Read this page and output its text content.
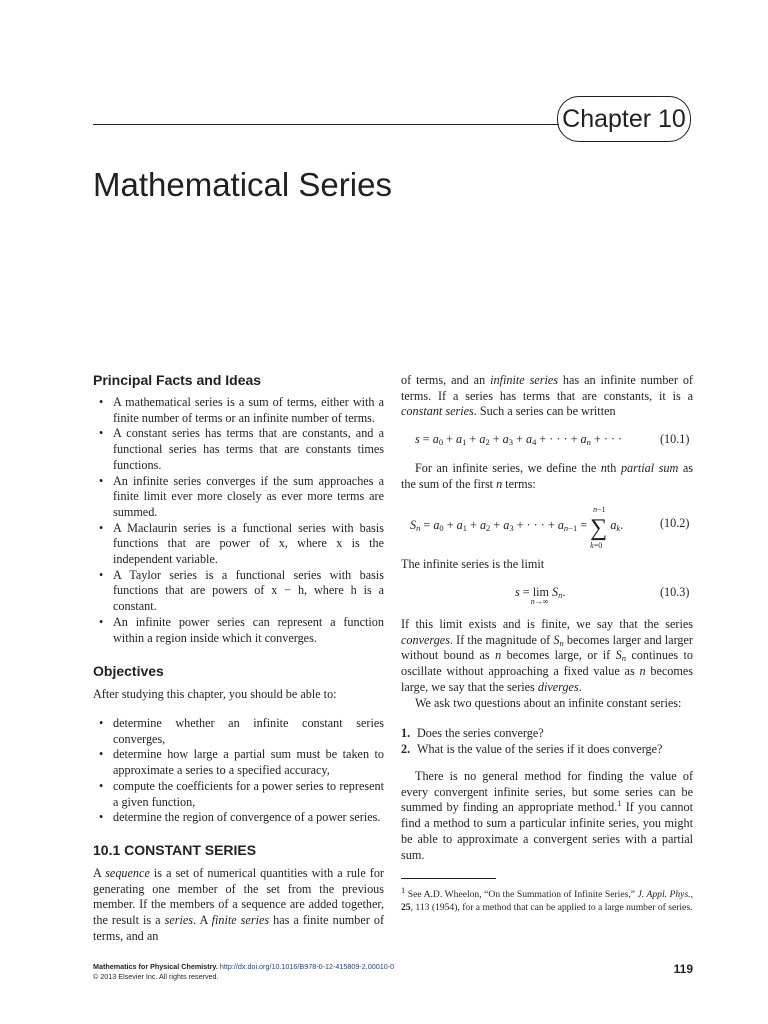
Chapter 10
Mathematical Series
Principal Facts and Ideas
• A mathematical series is a sum of terms, either with a finite number of terms or an infinite number of terms.
• A constant series has terms that are constants, and a functional series has terms that are constants times functions.
• An infinite series converges if the sum approaches a finite limit ever more closely as ever more terms are summed.
• A Maclaurin series is a functional series with basis functions that are power of x, where x is the independent variable.
• A Taylor series is a functional series with basis functions that are powers of x − h, where h is a constant.
• An infinite power series can represent a function within a region inside which it converges.
Objectives

After studying this chapter, you should be able to:

• determine whether an infinite constant series converges,
• determine how large a partial sum must be taken to approximate a series to a specified accuracy,
• compute the coefficients for a power series to represent a given function,
• determine the region of convergence of a power series.
10.1 CONSTANT SERIES

A sequence is a set of numerical quantities with a rule for generating one member of the set from the previous member. If the members of a sequence are added together, the result is a series. A finite series has a finite number of terms, and an

of terms, and an infinite series has an infinite number of terms. If a series has terms that are constants, it is a constant series. Such a series can be written

$s = a_0 + a_1 + a_2 + a_3 + a_4$ + · · · + $a_n$ + · · ·	(10.1)

For an infinite series, we define the nth partial sum as the sum of the first n terms:

$S_n = a_0 + a_1 + a_2 + a_3$ + · · · + $a_{n-1}$ = ∑
n−1
k=0
$a_k$.	(10.2)

The infinite series is the limit

s = lim
n→∞
$S_n$.	(10.3)

If this limit exists and is finite, we say that the series converges. If the magnitude of $S_n$ becomes larger and larger without bound as n becomes large, or if $S_n$ continues to oscillate without approaching a fixed value as n becomes large, we say that the series diverges.

We ask two questions about an infinite constant series:

1. Does the series converge?
2. What is the value of the series if it does converge?

There is no general method for finding the value of every convergent infinite series, but some series can be summed by finding an appropriate method.$^1$ If you cannot find a method to sum a particular infinite series, you might be able to approximate a convergent series with a partial sum.

$^1$ See A.D. Wheelon, “On the Summation of Infinite Series,” J. Appl. Phys., 25, 113 (1954), for a method that can be applied to a large number of series.

Mathematics for Physical Chemistry. http://dx.doi.org/10.1016/B978-0-12-415809-2.00010-0
© 2013 Elsevier Inc. All rights reserved.
119
